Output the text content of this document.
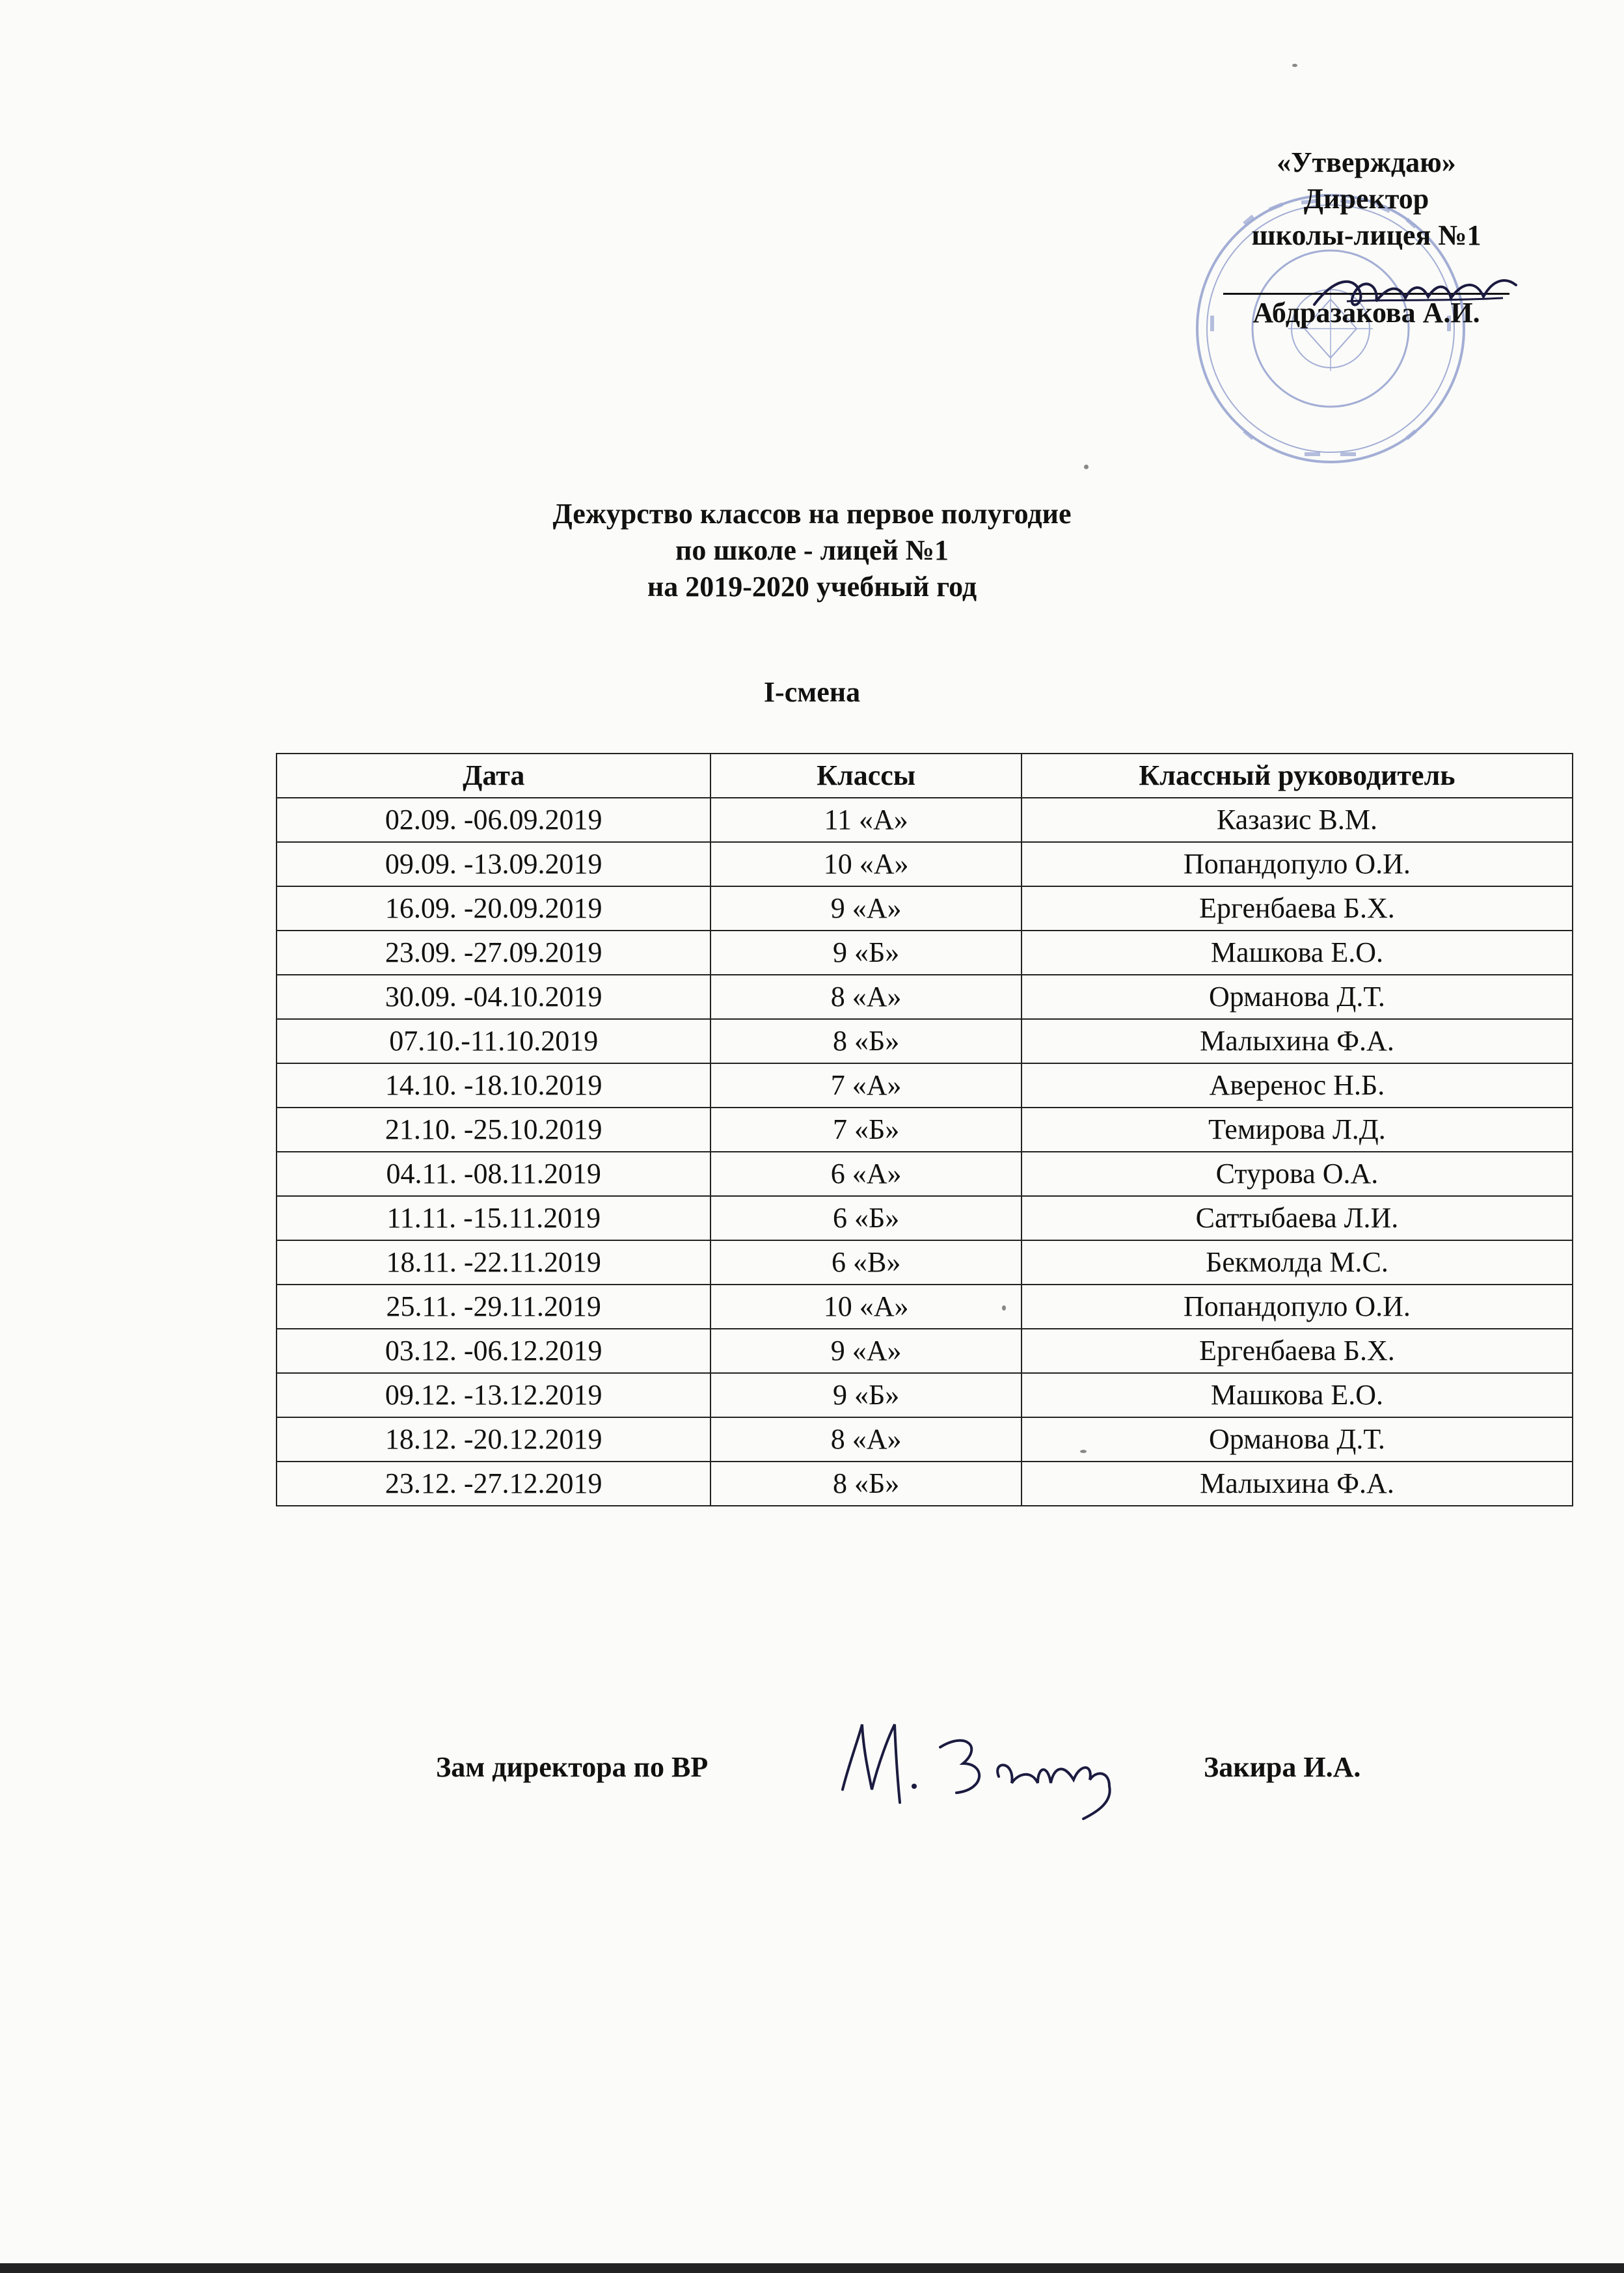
«Утверждаю»
Директор
школы-лицея №1
Абдразакова А.И.
Дежурство классов на первое полугодие
по школе - лицей №1
на 2019-2020 учебный год
I-смена
Дата	Классы	Классный руководитель
02.09. -06.09.2019	11 «А»	Казазис В.М.
09.09. -13.09.2019	10 «А»	Попандопуло О.И.
16.09. -20.09.2019	9 «А»	Ергенбаева Б.Х.
23.09. -27.09.2019	9 «Б»	Машкова Е.О.
30.09. -04.10.2019	8 «А»	Орманова Д.Т.
07.10.-11.10.2019	8 «Б»	Малыхина Ф.А.
14.10. -18.10.2019	7 «А»	Аверенос Н.Б.
21.10. -25.10.2019	7 «Б»	Темирова Л.Д.
04.11. -08.11.2019	6 «А»	Стурова О.А.
11.11. -15.11.2019	6 «Б»	Саттыбаева Л.И.
18.11. -22.11.2019	6 «В»	Бекмолда М.С.
25.11. -29.11.2019	10 «А»	Попандопуло О.И.
03.12. -06.12.2019	9 «А»	Ергенбаева Б.Х.
09.12. -13.12.2019	9 «Б»	Машкова Е.О.
18.12. -20.12.2019	8 «А»	Орманова Д.Т.
23.12. -27.12.2019	8 «Б»	Малыхина Ф.А.
Зам директора по ВР	Закира И.А.
